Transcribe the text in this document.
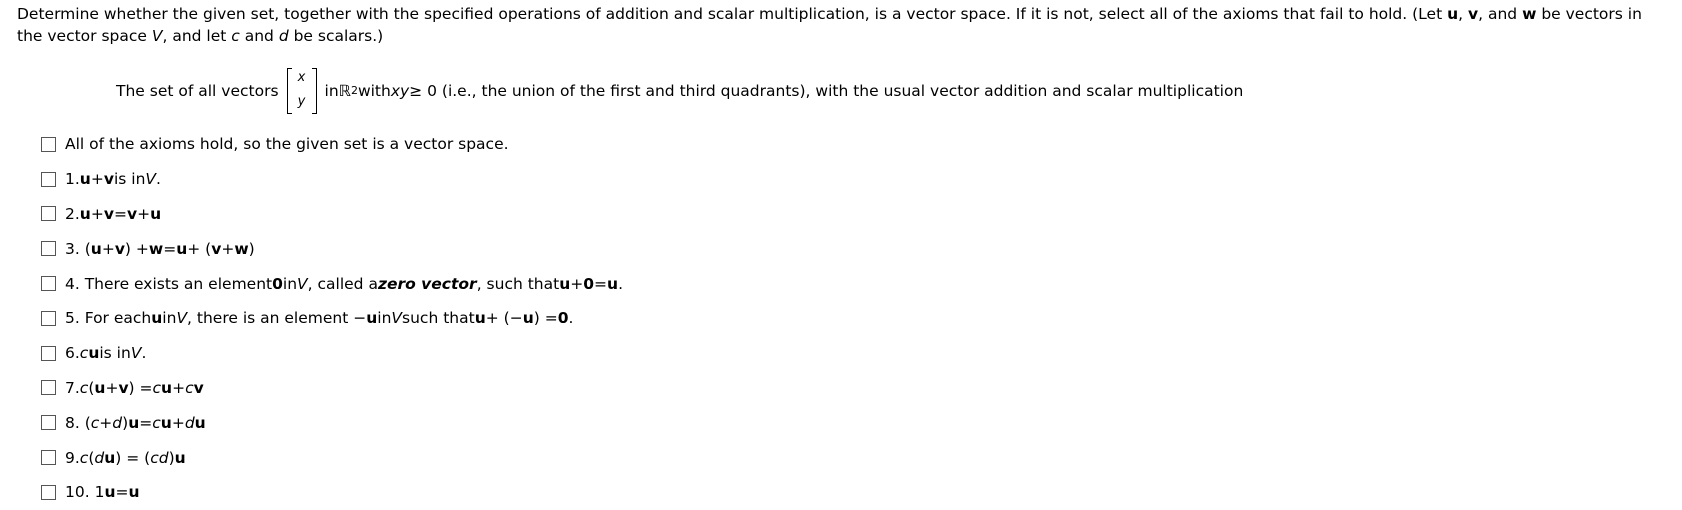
Determine whether the given set, together with the specified operations of addition and scalar multiplication, is a vector space. If it is not, select all of the axioms that fail to hold. (Let u, v, and w be vectors in the vector space V, and let c and d be scalars.)
The set of all vectors
x
y
in ℝ 2 with xy ≥ 0 (i.e., the union of the first and third quadrants), with the usual vector addition and scalar multiplication
All of the axioms hold, so the given set is a vector space.
1. u + v is in V .
2. u + v = v + u
3. ( u + v ) + w = u + ( v + w )
4. There exists an element 0 in V , called a zero vector , such that u + 0 = u .
5. For each u in V , there is an element − u in V such that u + (− u ) = 0 .
6. c u is in V .
7. c ( u + v ) = c u + c v
8. ( c + d ) u = c u + d u
9. c ( d u ) = ( cd ) u
10. 1 u = u
